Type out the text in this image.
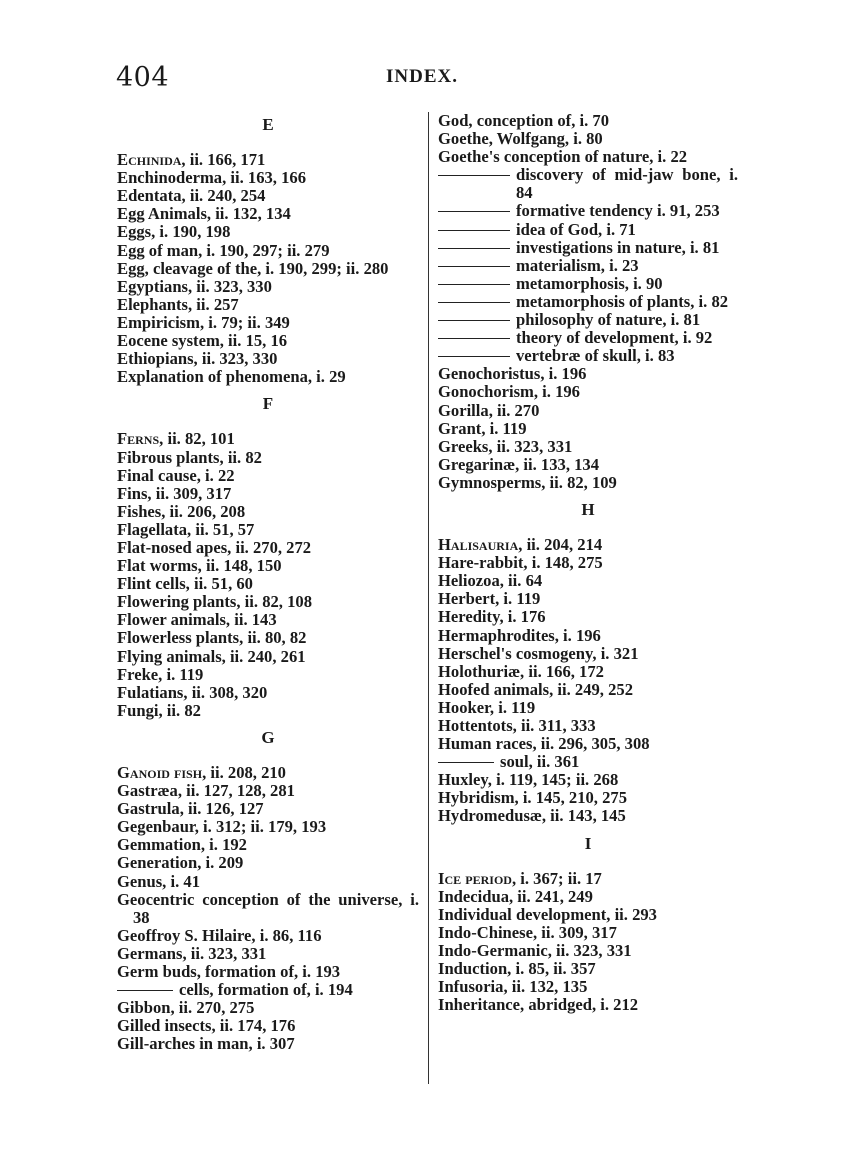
404	INDEX.
E
Echinida, ii. 166, 171
Enchinoderma, ii. 163, 166
Edentata, ii. 240, 254
Egg Animals, ii. 132, 134
Eggs, i. 190, 198
Egg of man, i. 190, 297; ii. 279
Egg, cleavage of the, i. 190, 299; ii. 280
Egyptians, ii. 323, 330
Elephants, ii. 257
Empiricism, i. 79; ii. 349
Eocene system, ii. 15, 16
Ethiopians, ii. 323, 330
Explanation of phenomena, i. 29
F
Ferns, ii. 82, 101
Fibrous plants, ii. 82
Final cause, i. 22
Fins, ii. 309, 317
Fishes, ii. 206, 208
Flagellata, ii. 51, 57
Flat-nosed apes, ii. 270, 272
Flat worms, ii. 148, 150
Flint cells, ii. 51, 60
Flowering plants, ii. 82, 108
Flower animals, ii. 143
Flowerless plants, ii. 80, 82
Flying animals, ii. 240, 261
Freke, i. 119
Fulatians, ii. 308, 320
Fungi, ii. 82
G
Ganoid fish, ii. 208, 210
Gastræa, ii. 127, 128, 281
Gastrula, ii. 126, 127
Gegenbaur, i. 312; ii. 179, 193
Gemmation, i. 192
Generation, i. 209
Genus, i. 41
Geocentric conception of the universe, i. 38
Geoffroy S. Hilaire, i. 86, 116
Germans, ii. 323, 331
Germ buds, formation of, i. 193
cells, formation of, i. 194
Gibbon, ii. 270, 275
Gilled insects, ii. 174, 176
Gill-arches in man, i. 307
God, conception of, i. 70
Goethe, Wolfgang, i. 80
Goethe's conception of nature, i. 22
discovery of mid-jaw bone, i. 84
formative tendency i. 91, 253
idea of God, i. 71
investigations in nature, i. 81
materialism, i. 23
metamorphosis, i. 90
metamorphosis of plants, i. 82
philosophy of nature, i. 81
theory of development, i. 92
vertebræ of skull, i. 83
Genochoristus, i. 196
Gonochorism, i. 196
Gorilla, ii. 270
Grant, i. 119
Greeks, ii. 323, 331
Gregarinæ, ii. 133, 134
Gymnosperms, ii. 82, 109
H
Halisauria, ii. 204, 214
Hare-rabbit, i. 148, 275
Heliozoa, ii. 64
Herbert, i. 119
Heredity, i. 176
Hermaphrodites, i. 196
Herschel's cosmogeny, i. 321
Holothuriæ, ii. 166, 172
Hoofed animals, ii. 249, 252
Hooker, i. 119
Hottentots, ii. 311, 333
Human races, ii. 296, 305, 308
soul, ii. 361
Huxley, i. 119, 145; ii. 268
Hybridism, i. 145, 210, 275
Hydromedusæ, ii. 143, 145
I
Ice period, i. 367; ii. 17
Indecidua, ii. 241, 249
Individual development, ii. 293
Indo-Chinese, ii. 309, 317
Indo-Germanic, ii. 323, 331
Induction, i. 85, ii. 357
Infusoria, ii. 132, 135
Inheritance, abridged, i. 212
